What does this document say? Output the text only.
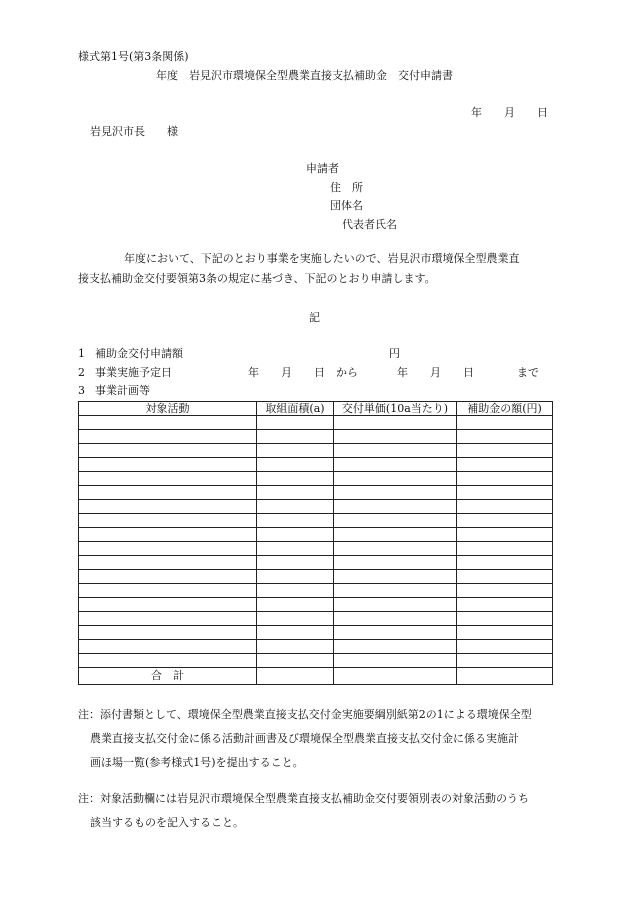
様式第1号(第3条関係)
年度　岩見沢市環境保全型農業直接支払補助金　交付申請書
年　　月　　日
岩見沢市長　　様
申請者
住　所
団体名
代表者氏名
年度において、下記のとおり事業を実施したいので、岩見沢市環境保全型農業直
接支払補助金交付要領第3条の規定に基づき、下記のとおり申請します。
記
1 補助金交付申請額	円
2 事業実施予定日	年　　月　　日 から	年　　月　　日	まで
3 事業計画等
対象活動	取組面積(a)	交付単価(10a当たり)	補助金の額(円)

合　計			
注：添付書類として、環境保全型農業直接支払交付金実施要綱別紙第2の1による環境保全型
農業直接支払交付金に係る活動計画書及び環境保全型農業直接支払交付金に係る実施計
画ほ場一覧(参考様式1号)を提出すること。
注：対象活動欄には岩見沢市環境保全型農業直接支払補助金交付要領別表の対象活動のうち
該当するものを記入すること。
